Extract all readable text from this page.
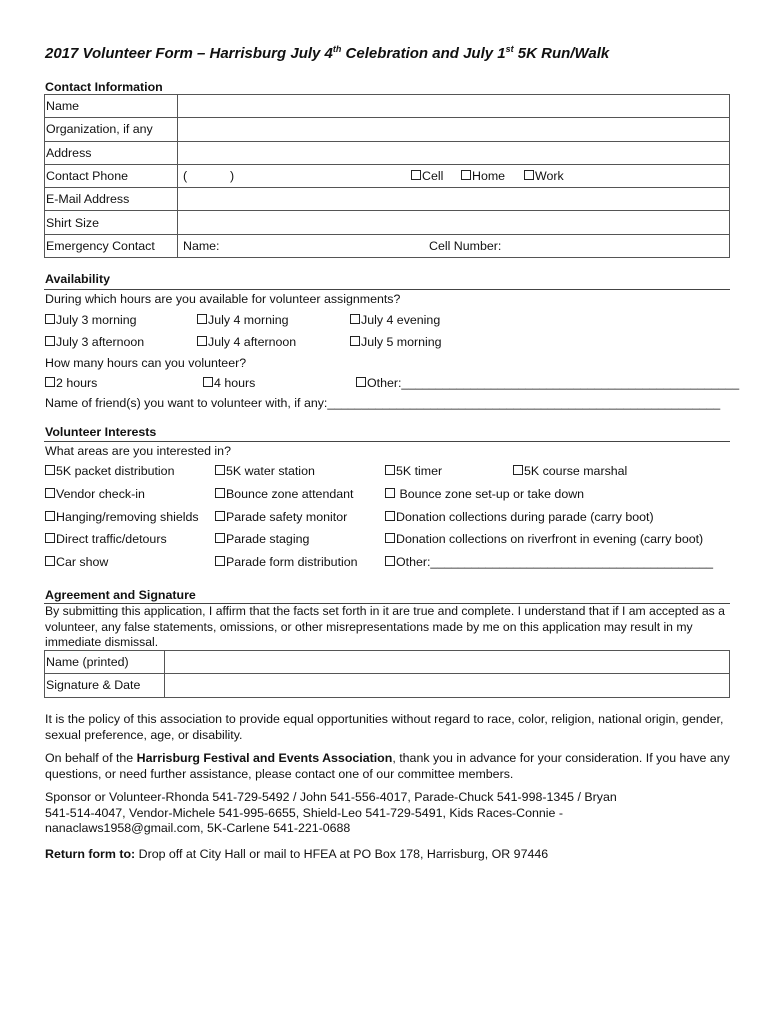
2017 Volunteer Form – Harrisburg July 4th Celebration and July 1st 5K Run/Walk
Contact Information
Name	
Organization, if any	
Address	
Contact Phone	( ) Cell Home Work

E-Mail Address	
Shirt Size	
Emergency Contact	Name: Cell Number:
Availability
During which hours are you available for volunteer assignments?
July 3 morning	July 4 morning	July 4 evening
July 3 afternoon	July 4 afternoon	July 5 morning
How many hours can you volunteer?
2 hours	4 hours	Other:_________________________________________________
Name of friend(s) you want to volunteer with, if any:_________________________________________________________
Volunteer Interests
What areas are you interested in?
5K packet distribution	5K water station	5K timer	5K course marshal
Vendor check-in	Bounce zone attendant	Bounce zone set-up or take down
Hanging/removing shields	Parade safety monitor	Donation collections during parade (carry boot)
Direct traffic/detours	Parade staging	Donation collections on riverfront in evening (carry boot)
Car show	Parade form distribution	Other:_________________________________________
Agreement and Signature
By submitting this application, I affirm that the facts set forth in it are true and complete. I understand that if I am accepted as a volunteer, any false statements, omissions, or other misrepresentations made by me on this application may result in my immediate dismissal.
Name (printed)	
Signature & Date	
It is the policy of this association to provide equal opportunities without regard to race, color, religion, national origin, gender, sexual preference, age, or disability.
On behalf of the Harrisburg Festival and Events Association, thank you in advance for your consideration. If you have any questions, or need further assistance, please contact one of our committee members.
Sponsor or Volunteer-Rhonda 541-729-5492 / John 541-556-4017, Parade-Chuck 541-998-1345 / Bryan 541-514-4047, Vendor-Michele 541-995-6655, Shield-Leo 541-729-5491, Kids Races-Connie - nanaclaws1958@gmail.com, 5K-Carlene 541-221-0688
Return form to: Drop off at City Hall or mail to HFEA at PO Box 178, Harrisburg, OR 97446
